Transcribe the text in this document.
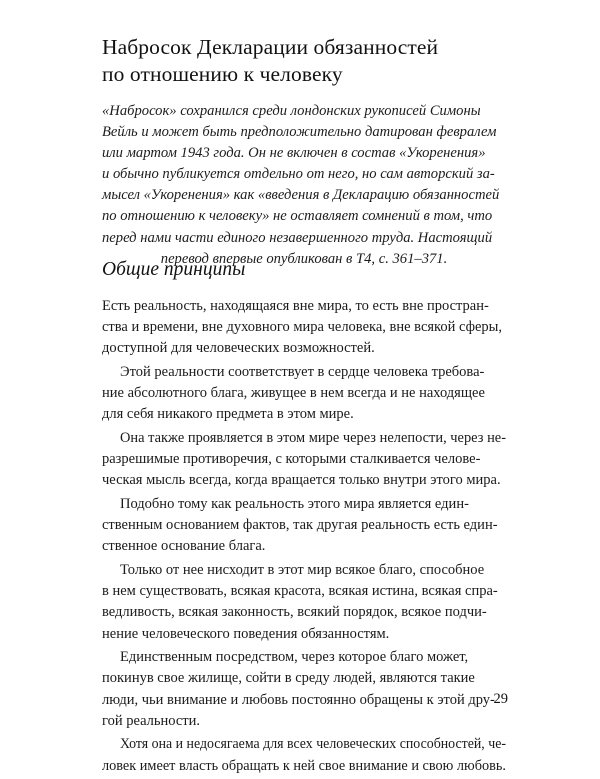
Набросок Декларации обязанностей
по отношению к человеку
«Набросок» сохранился среди лондонских рукописей Симоны
Вейль и может быть предположительно датирован февралем
или мартом 1943 года. Он не включен в состав «Укоренения»
и обычно публикуется отдельно от него, но сам авторский за-
мысел «Укоренения» как «введения в Декларацию обязанностей
по отношению к человеку» не оставляет сомнений в том, что
перед нами части единого незавершенного труда. Настоящий
перевод впервые опубликован в Т4, с. 361–371.
Общие принципы
Есть реальность, находящаяся вне мира, то есть вне простран-
ства и времени, вне духовного мира человека, вне всякой сферы,
доступной для человеческих возможностей.
Этой реальности соответствует в сердце человека требова-
ние абсолютного блага, живущее в нем всегда и не находящее
для себя никакого предмета в этом мире.
Она также проявляется в этом мире через нелепости, через не-
разрешимые противоречия, с которыми сталкивается челове-
ческая мысль всегда, когда вращается только внутри этого мира.
Подобно тому как реальность этого мира является един-
ственным основанием фактов, так другая реальность есть един-
ственное основание блага.
Только от нее нисходит в этот мир всякое благо, способное
в нем существовать, всякая красота, всякая истина, всякая спра-
ведливость, всякая законность, всякий порядок, всякое подчи-
нение человеческого поведения обязанностям.
Единственным посредством, через которое благо может,
покинув свое жилище, сойти в среду людей, являются такие
люди, чьи внимание и любовь постоянно обращены к этой дру-
гой реальности.
Хотя она и недосягаема для всех человеческих способностей, че-
ловек имеет власть обращать к ней свое внимание и свою любовь.
29
